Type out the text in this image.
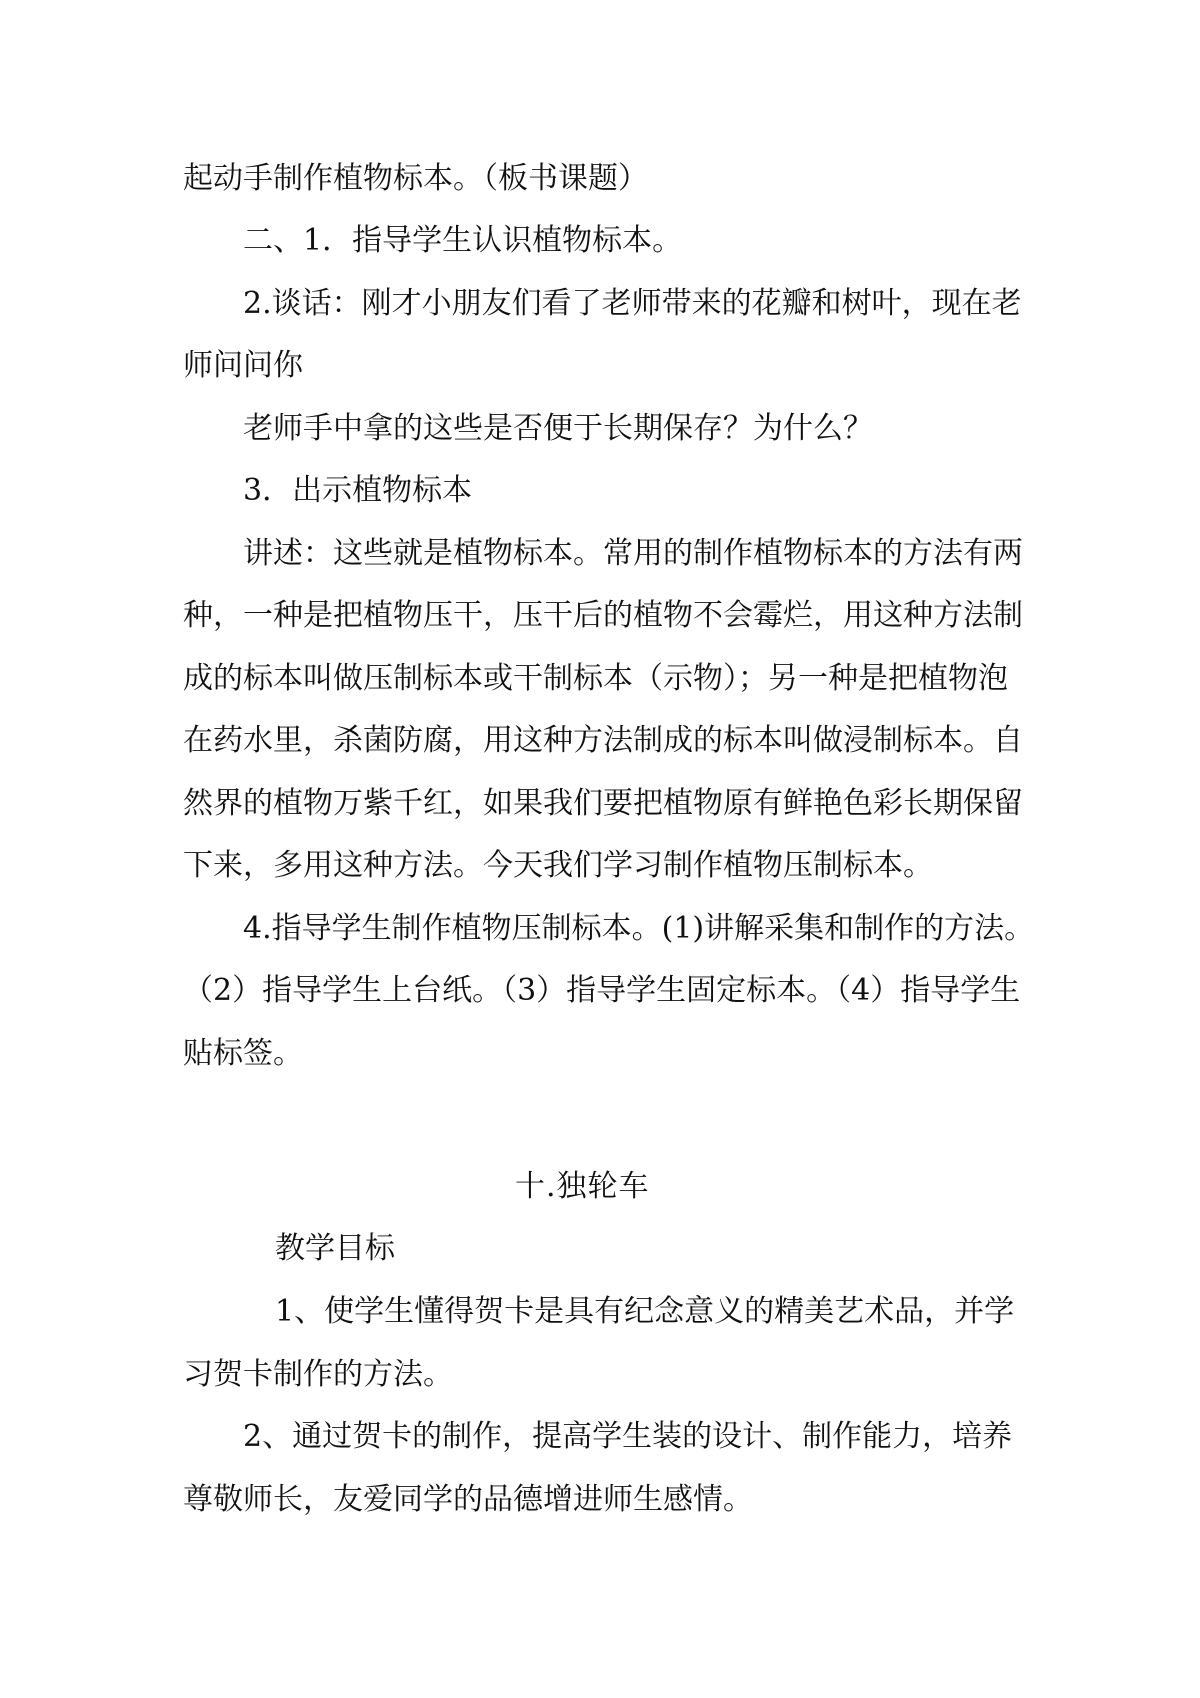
起动手制作植物标本。（板书课题）
二、1．指导学生认识植物标本。
2.谈话：刚才小朋友们看了老师带来的花瓣和树叶，现在老
师问问你
老师手中拿的这些是否便于长期保存？为什么？
3．出示植物标本
讲述：这些就是植物标本。常用的制作植物标本的方法有两
种，一种是把植物压干，压干后的植物不会霉烂，用这种方法制
成的标本叫做压制标本或干制标本（示物）；另一种是把植物泡
在药水里，杀菌防腐，用这种方法制成的标本叫做浸制标本。自
然界的植物万紫千红，如果我们要把植物原有鲜艳色彩长期保留
下来，多用这种方法。今天我们学习制作植物压制标本。
4.指导学生制作植物压制标本。(1)讲解采集和制作的方法。
（2）指导学生上台纸。（3）指导学生固定标本。（4）指导学生
贴标签。
十.独轮车
教学目标
1、使学生懂得贺卡是具有纪念意义的精美艺术品，并学
习贺卡制作的方法。
2、通过贺卡的制作，提高学生装的设计、制作能力，培养
尊敬师长，友爱同学的品德增进师生感情。
